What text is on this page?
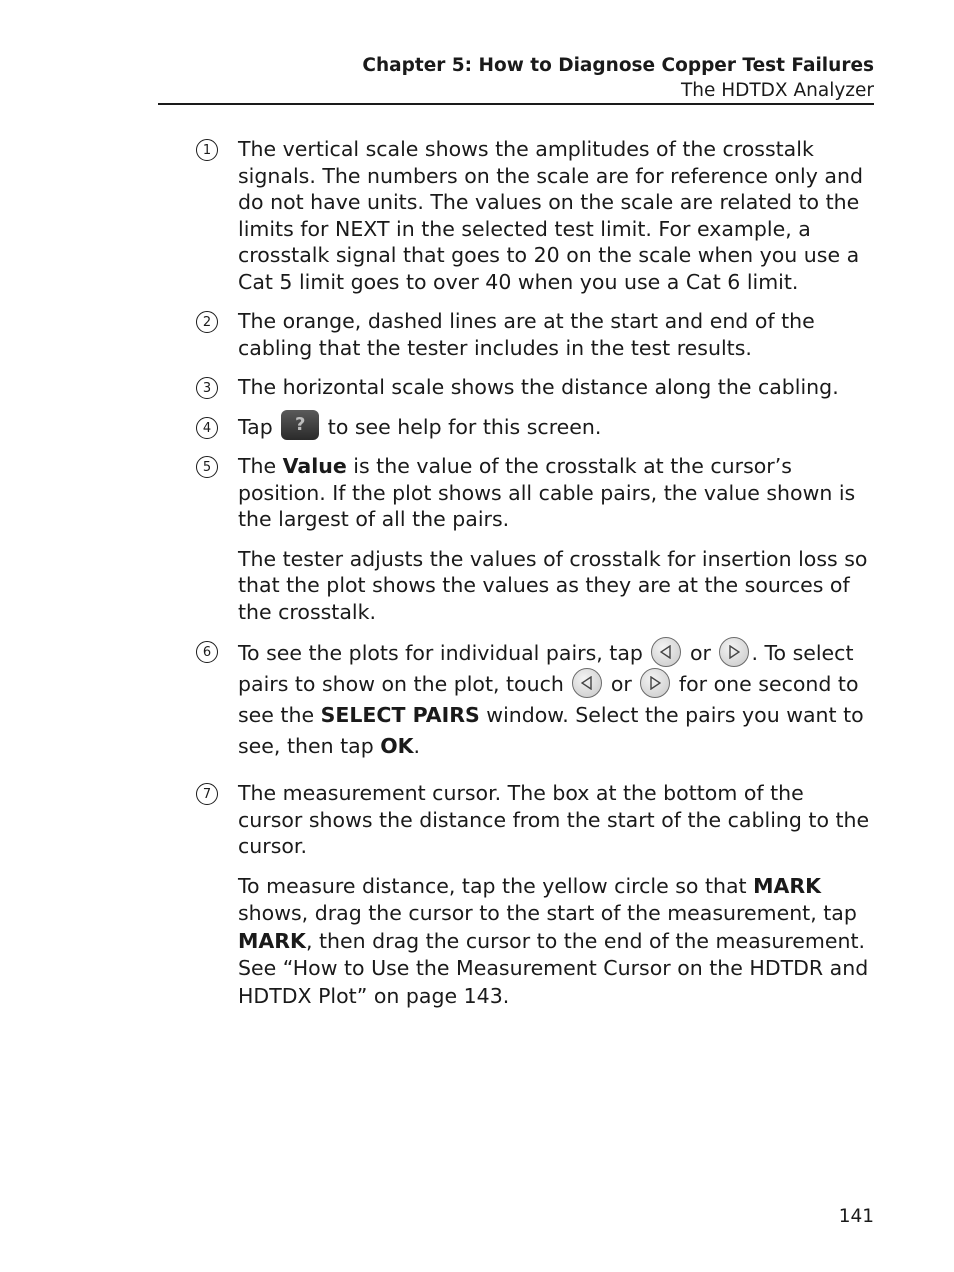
Chapter 5: How to Diagnose Copper Test Failures
The HDTDX Analyzer
1	The vertical scale shows the amplitudes of the crosstalk signals. The numbers on the scale are for reference only and do not have units. The values on the scale are related to the limits for NEXT in the selected test limit. For example, a crosstalk signal that goes to 20 on the scale when you use a Cat 5 limit goes to over 40 when you use a Cat 6 limit.

2	The orange, dashed lines are at the start and end of the cabling that the tester includes in the test results.

3	The horizontal scale shows the distance along the cabling.

4	Tap ? to see help for this screen.

5	The Value is the value of the crosstalk at the cursor’s position. If the plot shows all cable pairs, the value shown is the largest of all the pairs.

The tester adjusts the values of crosstalk for insertion loss so that the plot shows the values as they are at the sources of the crosstalk.

6	To see the plots for individual pairs, tap
or
. To select pairs to show on the plot, touch
or
for one second to see the SELECT PAIRS window. Select the pairs you want to see, then tap OK.

7	The measurement cursor. The box at the bottom of the cursor shows the distance from the start of the cabling to the cursor.

To measure distance, tap the yellow circle so that MARK shows, drag the cursor to the start of the measurement, tap MARK, then drag the cursor to the end of the measurement. See “How to Use the Measurement Cursor on the HDTDR and HDTDX Plot” on page 143.

141
